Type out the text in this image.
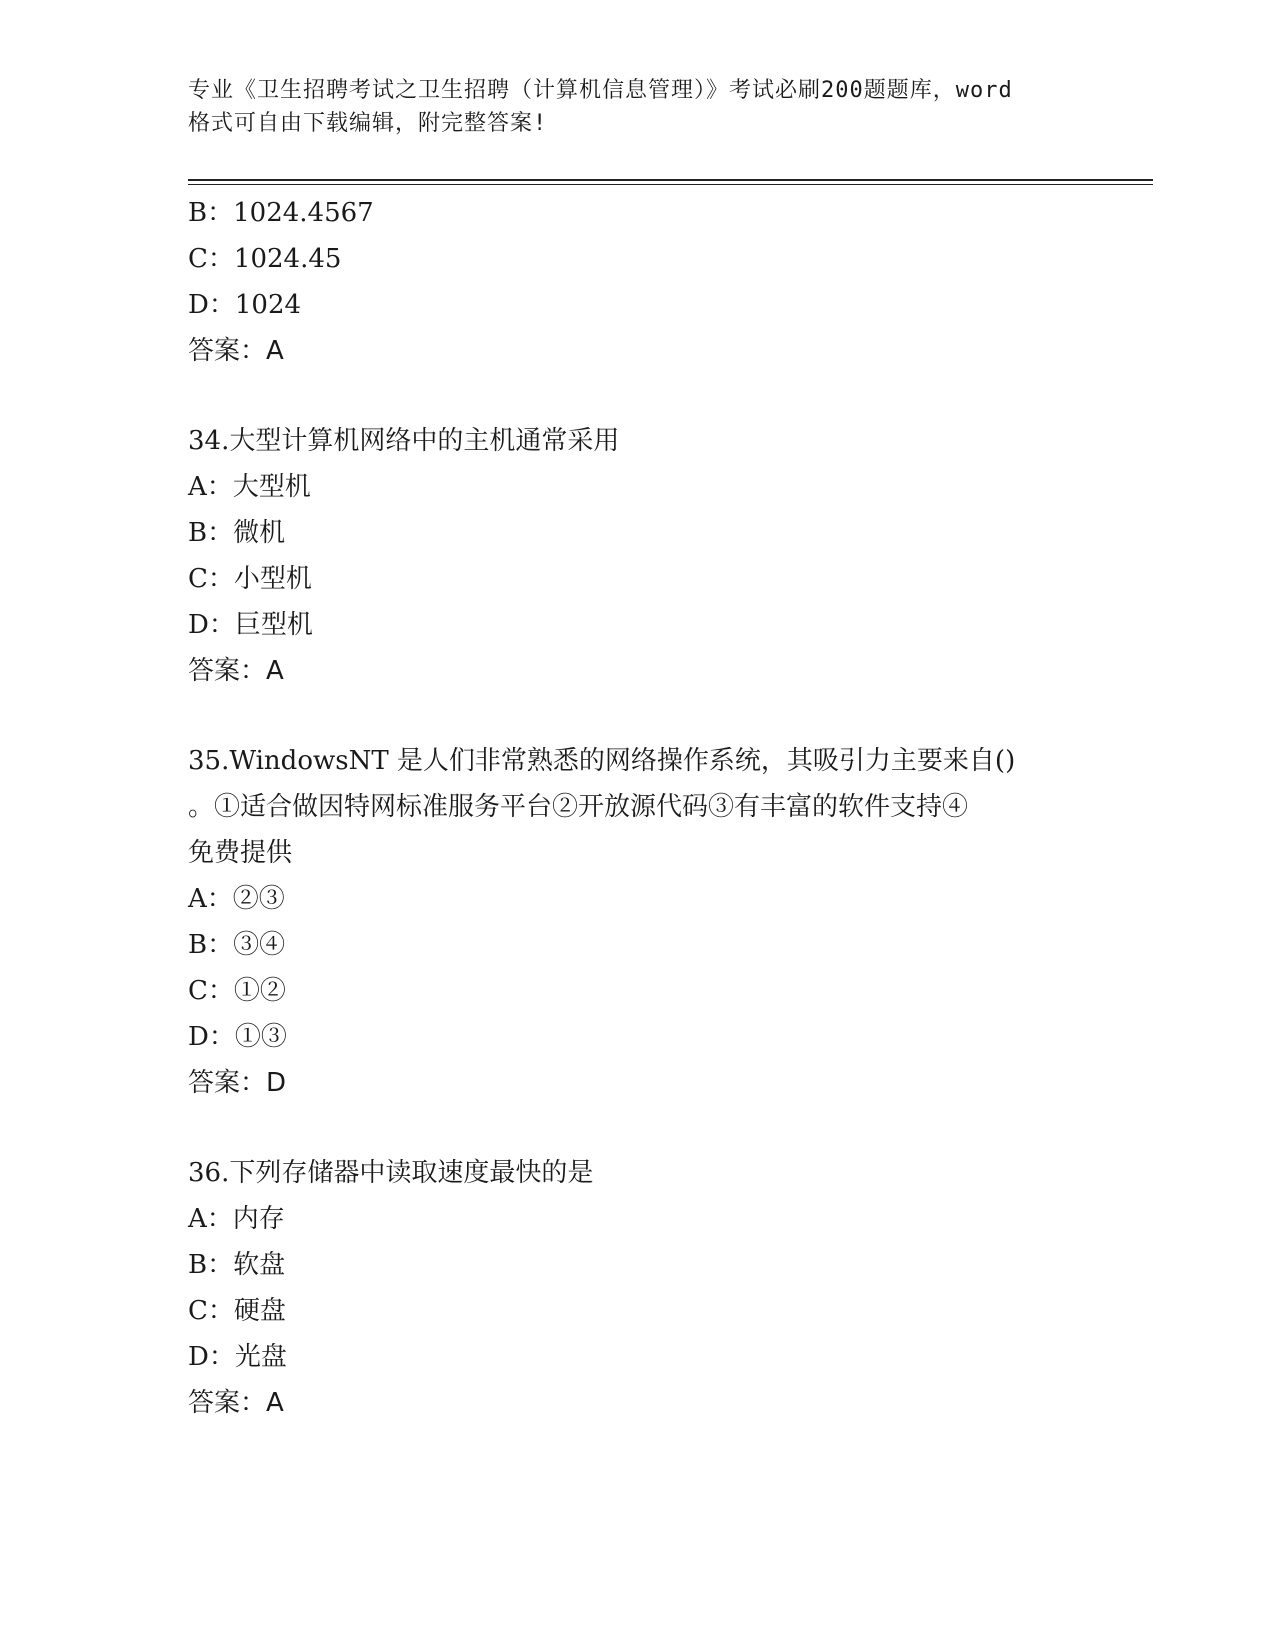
专业《卫生招聘考试之卫生招聘（计算机信息管理）》考试必刷200题题库，word
格式可自由下载编辑，附完整答案!
B：1024.4567
C：1024.45
D：1024
答案：A
34.大型计算机网络中的主机通常采用
A：大型机
B：微机
C：小型机
D：巨型机
答案：A
35.WindowsNT 是人们非常熟悉的网络操作系统，其吸引力主要来自()
。①适合做因特网标准服务平台②开放源代码③有丰富的软件支持④
免费提供
A：②③
B：③④
C：①②
D：①③
答案：D
36.下列存储器中读取速度最快的是
A：内存
B：软盘
C：硬盘
D：光盘
答案：A
